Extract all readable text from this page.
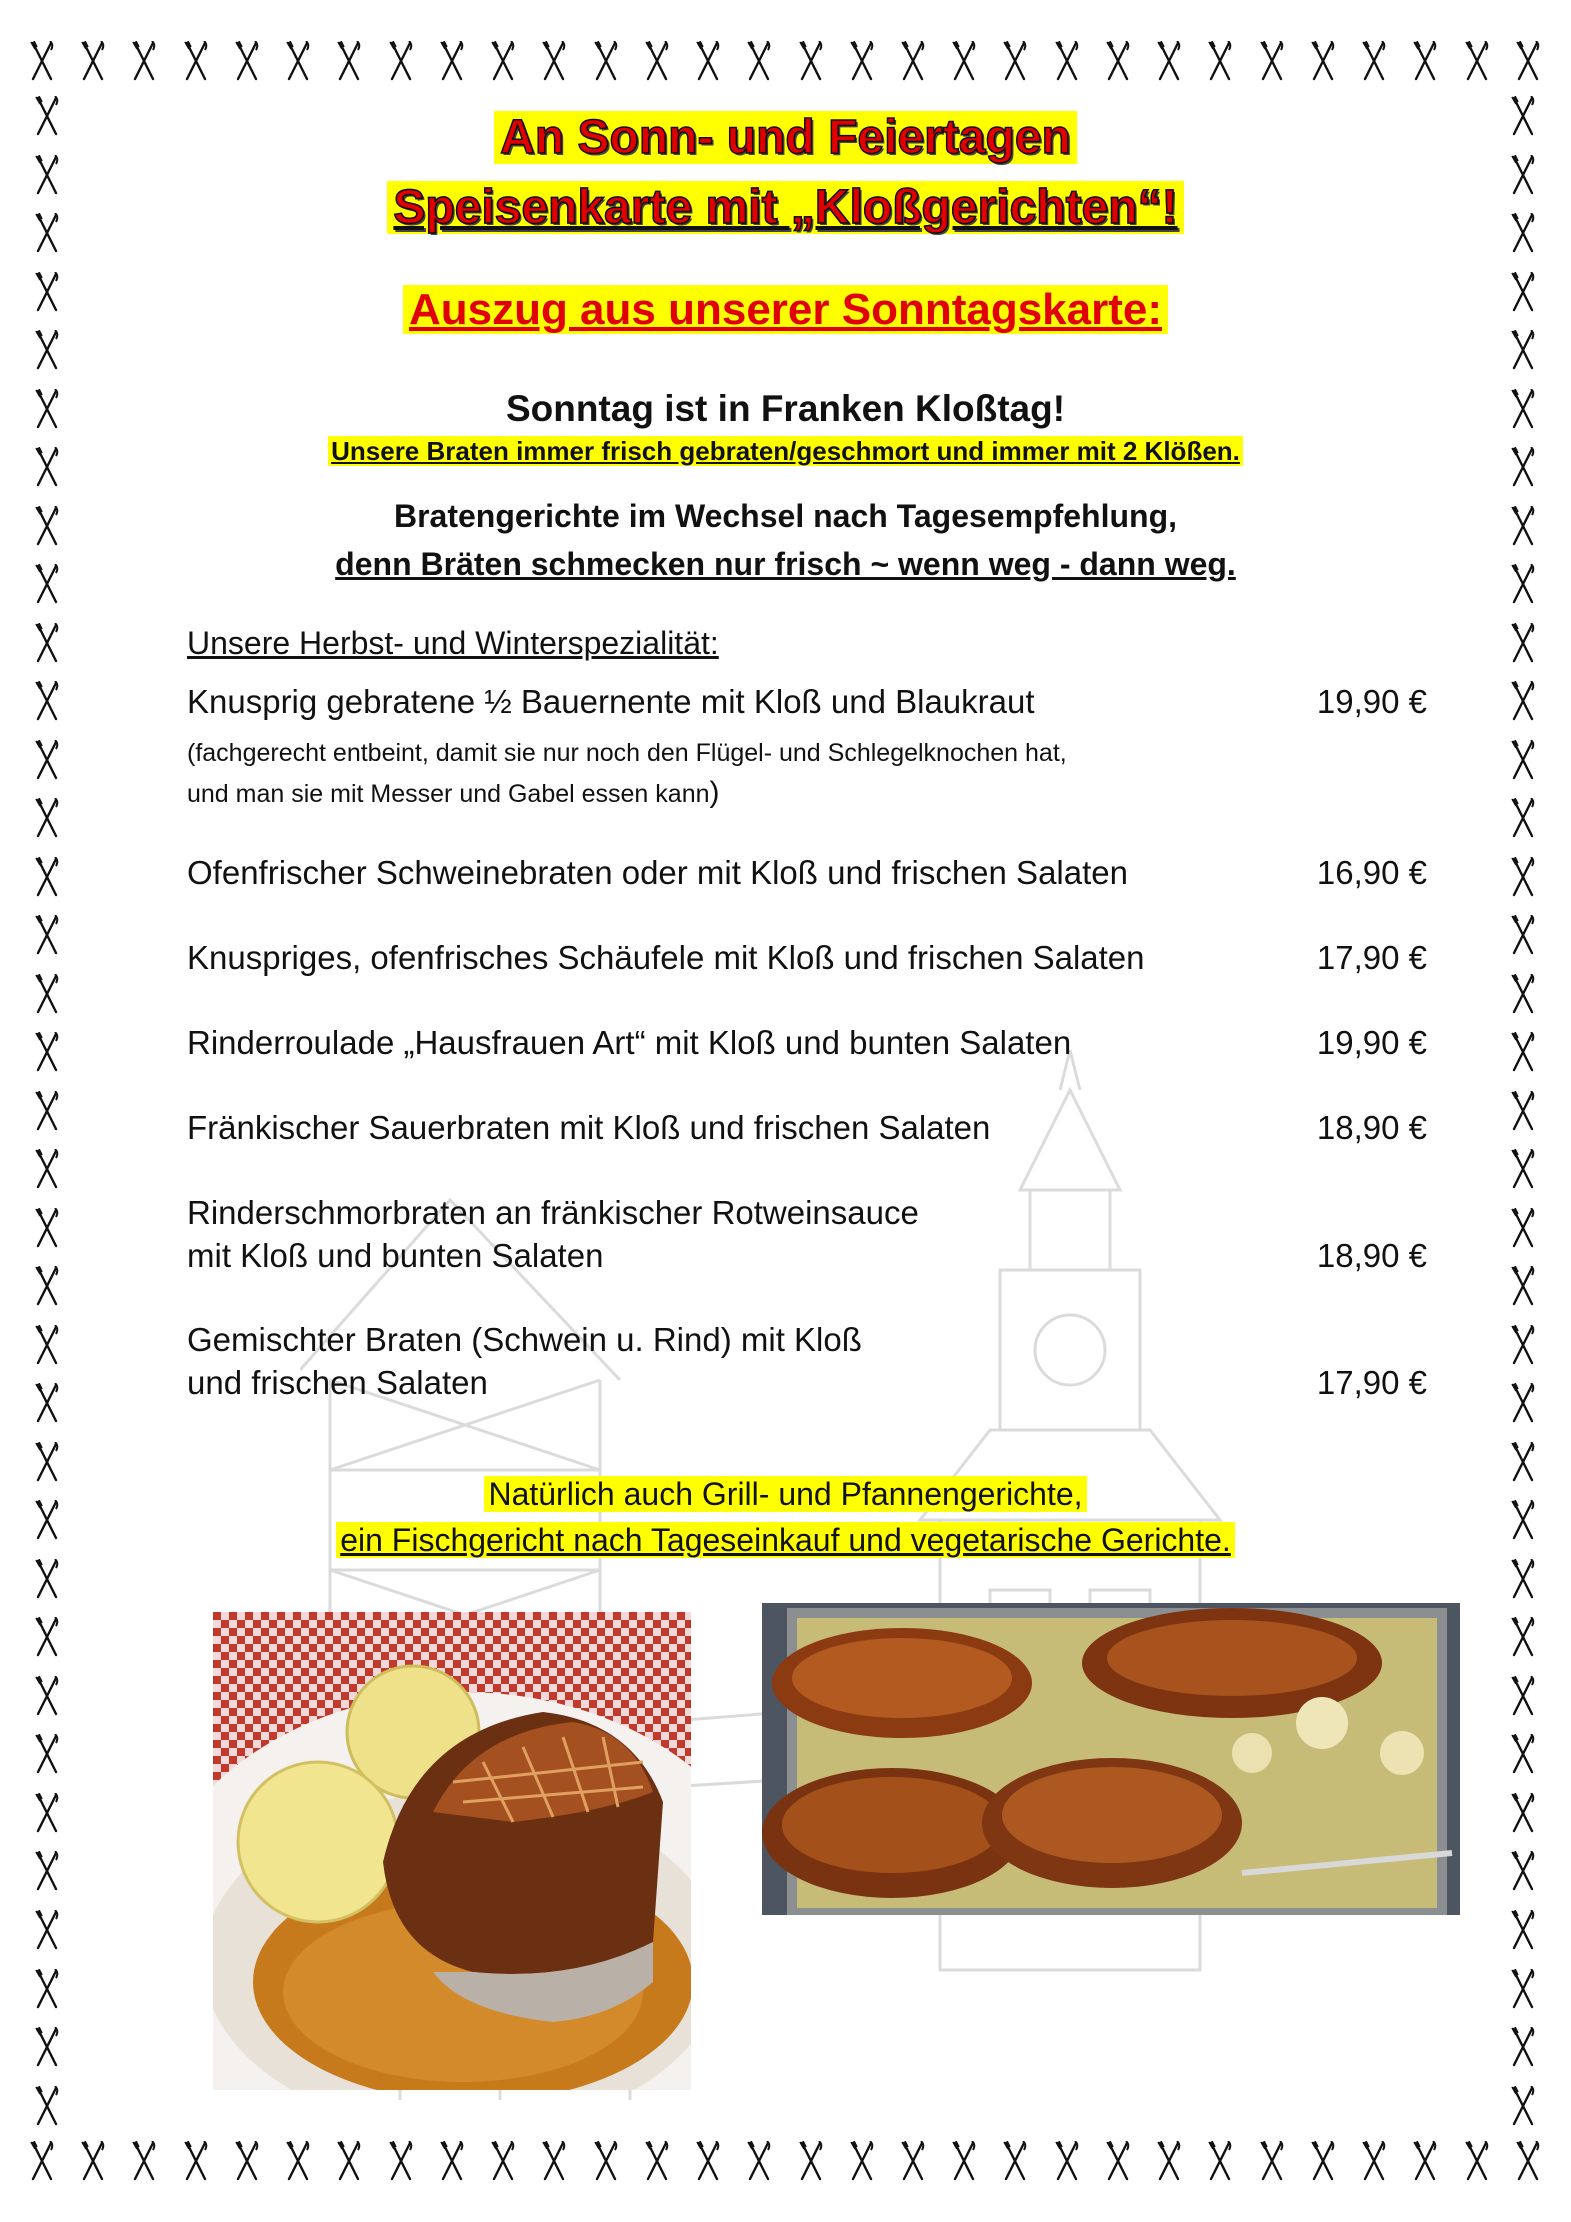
An Sonn- und Feiertagen
Speisenkarte mit „Kloßgerichten“!
Auszug aus unserer Sonntagskarte:
Sonntag ist in Franken Kloßtag!
Unsere Braten immer frisch gebraten/geschmort und immer mit 2 Klößen.
Bratengerichte im Wechsel nach Tagesempfehlung,
denn Bräten schmecken nur frisch ~ wenn weg - dann weg.
Unsere Herbst- und Winterspezialität:
Knusprig gebratene ½ Bauernente mit Kloß und Blaukraut	19,90 €
(fachgerecht entbeint, damit sie nur noch den Flügel- und Schlegelknochen hat,
und man sie mit Messer und Gabel essen kann)
Ofenfrischer Schweinebraten oder mit Kloß und frischen Salaten	16,90 €
Knuspriges, ofenfrisches Schäufele mit Kloß und frischen Salaten	17,90 €
Rinderroulade „Hausfrauen Art“ mit Kloß und bunten Salaten	19,90 €
Fränkischer Sauerbraten mit Kloß und frischen Salaten	18,90 €
Rinderschmorbraten an fränkischer Rotweinsauce
mit Kloß und bunten Salaten	18,90 €
Gemischter Braten (Schwein u. Rind) mit Kloß
und frischen Salaten	17,90 €
Natürlich auch Grill- und Pfannengerichte,
ein Fischgericht nach Tageseinkauf und vegetarische Gerichte.
